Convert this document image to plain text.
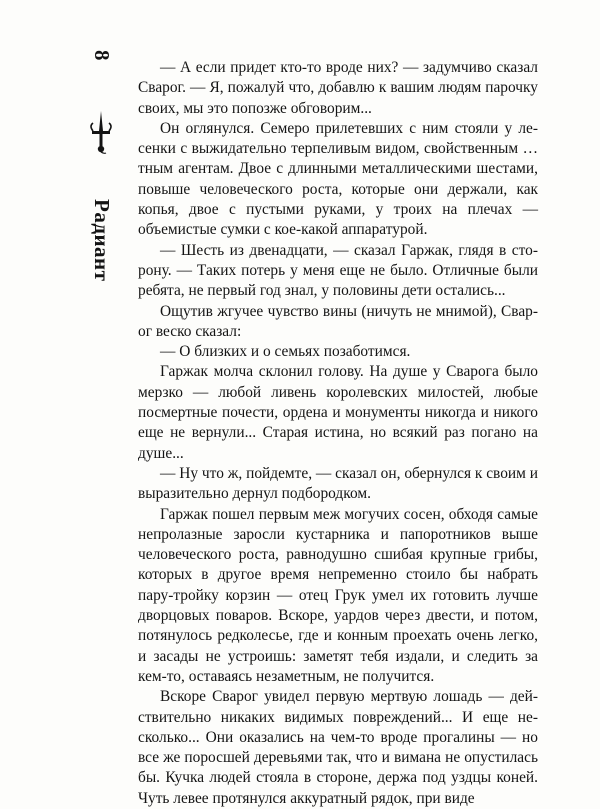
8
Радиант

— А если придет кто-то вроде них? — задумчиво сказал Сварог. — Я, пожалуй что, добавлю к вашим людям парочку своих, мы это попозже обговорим...

Он оглянулся. Семеро прилетевших с ним стояли у лесенки с выжидательно терпеливым видом, свойственным … тным агентам. Двое с длинными металлическими шестами, повыше человеческого роста, которые они держали, как копья, двое с пустыми руками, у троих на плечах — объемистые сумки с кое-какой аппаратурой.

— Шесть из двенадцати, — сказал Гаржак, глядя в сторону. — Таких потерь у меня еще не было. Отличные были ребята, не первый год знал, у половины дети остались...

Ощутив жгучее чувство вины (ничуть не мнимой), Сварог веско сказал:

— О близких и о семьях позаботимся.

Гаржак молча склонил голову. На душе у Сварога было мерзко — любой ливень королевских милостей, любые посмертные почести, ордена и монументы никогда и никого еще не вернули... Старая истина, но всякий раз погано на душе...

— Ну что ж, пойдемте, — сказал он, обернулся к своим и выразительно дернул подбородком.

Гаржак пошел первым меж могучих сосен, обходя самые непролазные заросли кустарника и папоротников выше человеческого роста, равнодушно сшибая крупные грибы, которых в другое время непременно стоило бы набрать пару-тройку корзин — отец Грук умел их готовить лучше дворцовых поваров. Вскоре, уардов через двести, и потом, потянулось редколесье, где и конным проехать очень легко, и засады не устроишь: заметят тебя издали, и следить за кем-то, оставаясь незаметным, не получится.

Вскоре Сварог увидел первую мертвую лошадь — действительно никаких видимых повреждений... И еще несколько... Они оказались на чем-то вроде прогалины — но все же поросшей деревьями так, что и вимана не опустилась бы. Кучка людей стояла в стороне, держа под уздцы коней. Чуть левее протянулся аккуратный рядок, при виде
